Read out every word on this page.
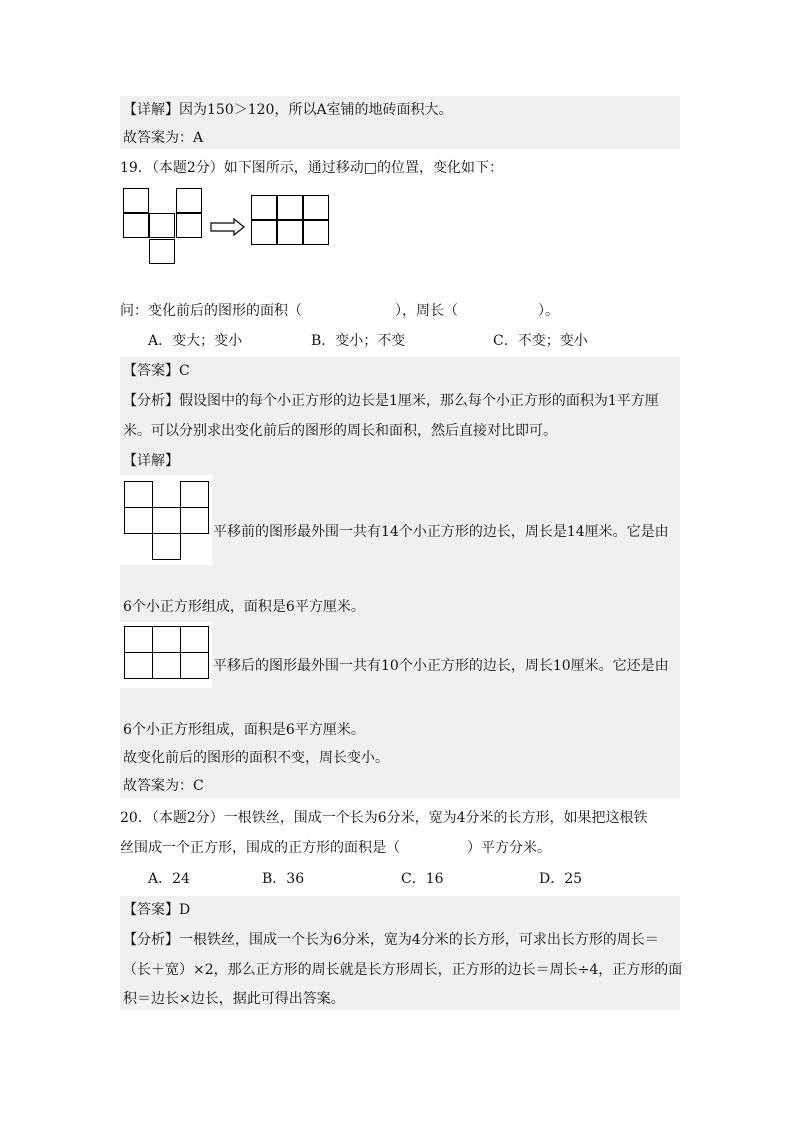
【详解】因为150＞120，所以A室铺的地砖面积大。
故答案为：A
19．（本题2分）如下图所示，通过移动□的位置，变化如下：
问：变化前后的图形的面积（	），周长（	）。
A．变大；变小	B．变小；不变	C．不变；变小
【答案】C
【分析】假设图中的每个小正方形的边长是1厘米，那么每个小正方形的面积为1平方厘
米。可以分别求出变化前后的图形的周长和面积，然后直接对比即可。
【详解】
平移前的图形最外围一共有14个小正方形的边长，周长是14厘米。它是由
6个小正方形组成，面积是6平方厘米。
平移后的图形最外围一共有10个小正方形的边长，周长10厘米。它还是由
6个小正方形组成，面积是6平方厘米。
故变化前后的图形的面积不变，周长变小。
故答案为：C
20．（本题2分）一根铁丝，围成一个长为6分米，宽为4分米的长方形，如果把这根铁
丝围成一个正方形，围成的正方形的面积是（	）平方分米。
A．24	B．36	C．16	D．25
【答案】D
【分析】一根铁丝，围成一个长为6分米，宽为4分米的长方形，可求出长方形的周长＝
（长＋宽）×2，那么正方形的周长就是长方形周长，正方形的边长＝周长÷4，正方形的面
积＝边长×边长，据此可得出答案。
